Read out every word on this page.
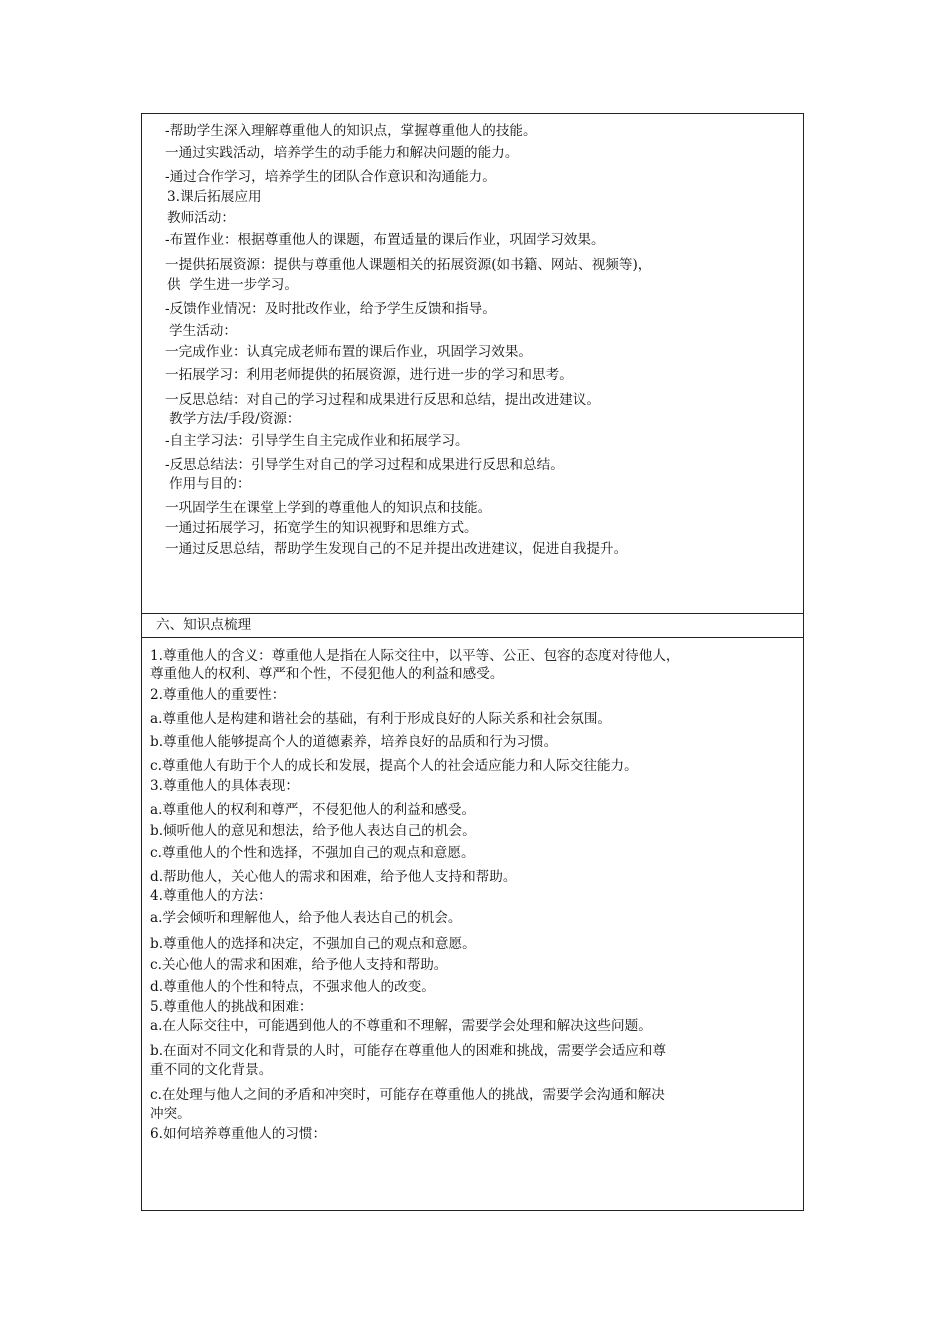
-帮助学生深入理解尊重他人的知识点，掌握尊重他人的技能。
一通过实践活动，培养学生的动手能力和解决问题的能力。
-通过合作学习，培养学生的团队合作意识和沟通能力。
3.课后拓展应用
教师活动：
-布置作业：根据尊重他人的课题，布置适量的课后作业，巩固学习效果。
一提供拓展资源：提供与尊重他人课题相关的拓展资源(如书籍、网站、视频等)，
供  学生进一步学习。
-反馈作业情况：及时批改作业，给予学生反馈和指导。
学生活动：
一完成作业：认真完成老师布置的课后作业，巩固学习效果。
一拓展学习：利用老师提供的拓展资源，进行进一步的学习和思考。
一反思总结：对自己的学习过程和成果进行反思和总结，提出改进建议。
教学方法/手段/资源：
-自主学习法：引导学生自主完成作业和拓展学习。
-反思总结法：引导学生对自己的学习过程和成果进行反思和总结。
作用与目的：
一巩固学生在课堂上学到的尊重他人的知识点和技能。
一通过拓展学习，拓宽学生的知识视野和思维方式。
一通过反思总结，帮助学生发现自己的不足并提出改进建议，促进自我提升。
六、知识点梳理
1.尊重他人的含义：尊重他人是指在人际交往中，以平等、公正、包容的态度对待他人，
尊重他人的权利、尊严和个性，不侵犯他人的利益和感受。
2.尊重他人的重要性：
a.尊重他人是构建和谐社会的基础，有利于形成良好的人际关系和社会氛围。
b.尊重他人能够提高个人的道德素养，培养良好的品质和行为习惯。
c.尊重他人有助于个人的成长和发展，提高个人的社会适应能力和人际交往能力。
3.尊重他人的具体表现：
a.尊重他人的权利和尊严，不侵犯他人的利益和感受。
b.倾听他人的意见和想法，给予他人表达自己的机会。
c.尊重他人的个性和选择，不强加自己的观点和意愿。
d.帮助他人，关心他人的需求和困难，给予他人支持和帮助。
4.尊重他人的方法：
a.学会倾听和理解他人，给予他人表达自己的机会。
b.尊重他人的选择和决定，不强加自己的观点和意愿。
c.关心他人的需求和困难，给予他人支持和帮助。
d.尊重他人的个性和特点，不强求他人的改变。
5.尊重他人的挑战和困难：
a.在人际交往中，可能遇到他人的不尊重和不理解，需要学会处理和解决这些问题。
b.在面对不同文化和背景的人时，可能存在尊重他人的困难和挑战，需要学会适应和尊
重不同的文化背景。
c.在处理与他人之间的矛盾和冲突时，可能存在尊重他人的挑战，需要学会沟通和解决
冲突。
6.如何培养尊重他人的习惯：
